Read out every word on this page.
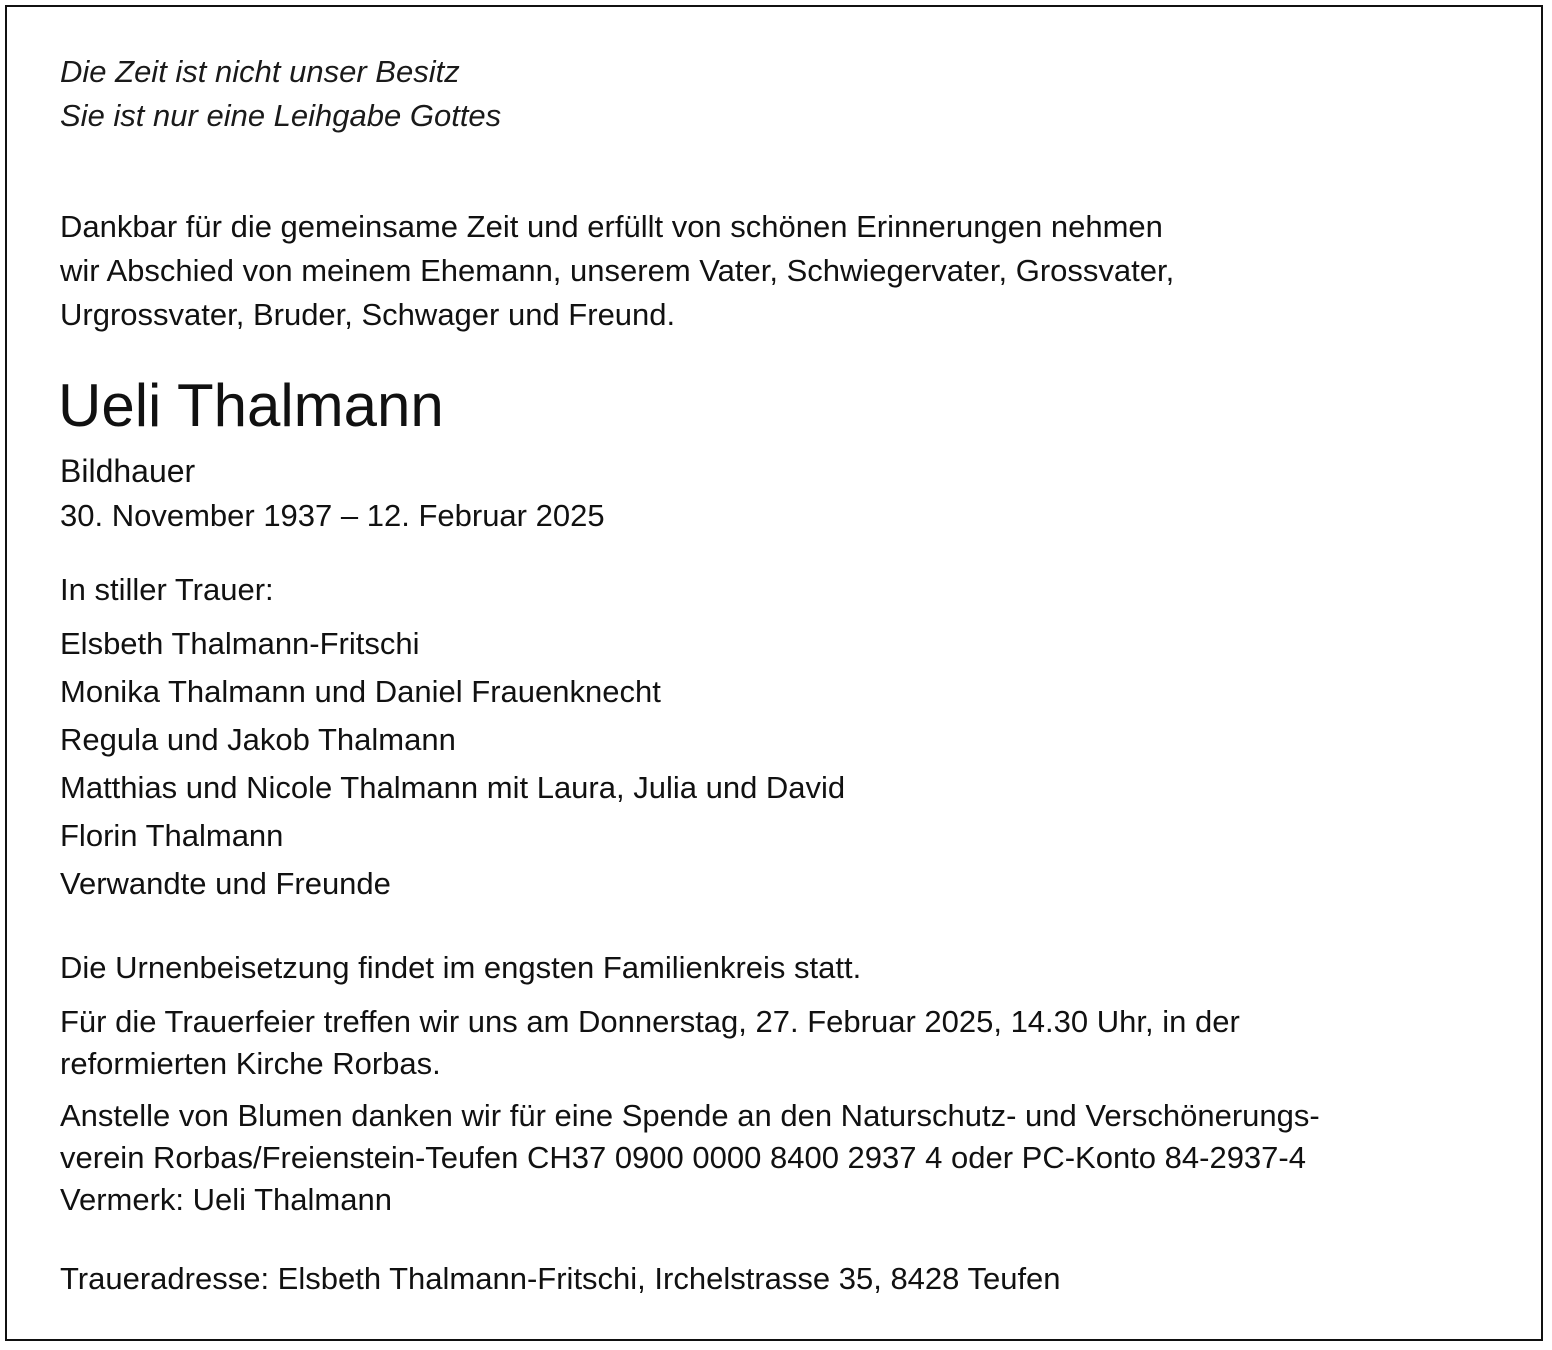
Die Zeit ist nicht unser Besitz
Sie ist nur eine Leihgabe Gottes
Dankbar für die gemeinsame Zeit und erfüllt von schönen Erinnerungen nehmen
wir Abschied von meinem Ehemann, unserem Vater, Schwiegervater, Grossvater,
Urgrossvater, Bruder, Schwager und Freund.
Ueli Thalmann
Bildhauer
30. November 1937 – 12. Februar 2025
In stiller Trauer:
Elsbeth Thalmann-Fritschi
Monika Thalmann und Daniel Frauenknecht
Regula und Jakob Thalmann
Matthias und Nicole Thalmann mit Laura, Julia und David
Florin Thalmann
Verwandte und Freunde
Die Urnenbeisetzung findet im engsten Familienkreis statt.
Für die Trauerfeier treffen wir uns am Donnerstag, 27. Februar 2025, 14.30 Uhr, in der
reformierten Kirche Rorbas.
Anstelle von Blumen danken wir für eine Spende an den Naturschutz- und Verschönerungs-
verein Rorbas/Freienstein-Teufen CH37 0900 0000 8400 2937 4 oder PC-Konto 84-2937-4
Vermerk: Ueli Thalmann
Traueradresse: Elsbeth Thalmann-Fritschi, Irchelstrasse 35, 8428 Teufen
